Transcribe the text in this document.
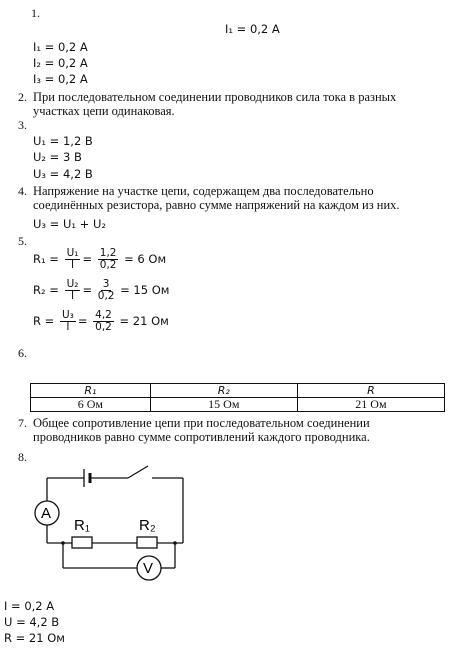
1.
I₁ = 0,2 А
I₁ = 0,2 А
I₂ = 0,2 А
I₃ = 0,2 А
2. При последовательном соединении проводников сила тока в разных участках цепи одинаковая.
3.
U₁ = 1,2 В
U₂ = 3 В
U₃ = 4,2 В
4. Напряжение на участке цепи, содержащем два последовательно соединённых резистора, равно сумме напряжений на каждом из них.
U₃ = U₁ + U₂
5.
$R_1 = \frac{\text{U₁}}{I} = \frac{1,2}{0,2} = 6$ Ом
$R_2 = \frac{\text{U₂}}{I} = \frac{3}{0,2} = 15$ Ом
$R = \frac{\text{U₃}}{I} = \frac{4,2}{0,2} = 21$ Ом
6.
R₁	R₂	R
6 Ом	15 Ом	21 Ом
7. Общее сопротивление цепи при последовательном соединении проводников равно сумме сопротивлений каждого проводника.
8.
A
V
R₁	R₂
I = 0,2 А
U = 4,2 В
R = 21 Ом
